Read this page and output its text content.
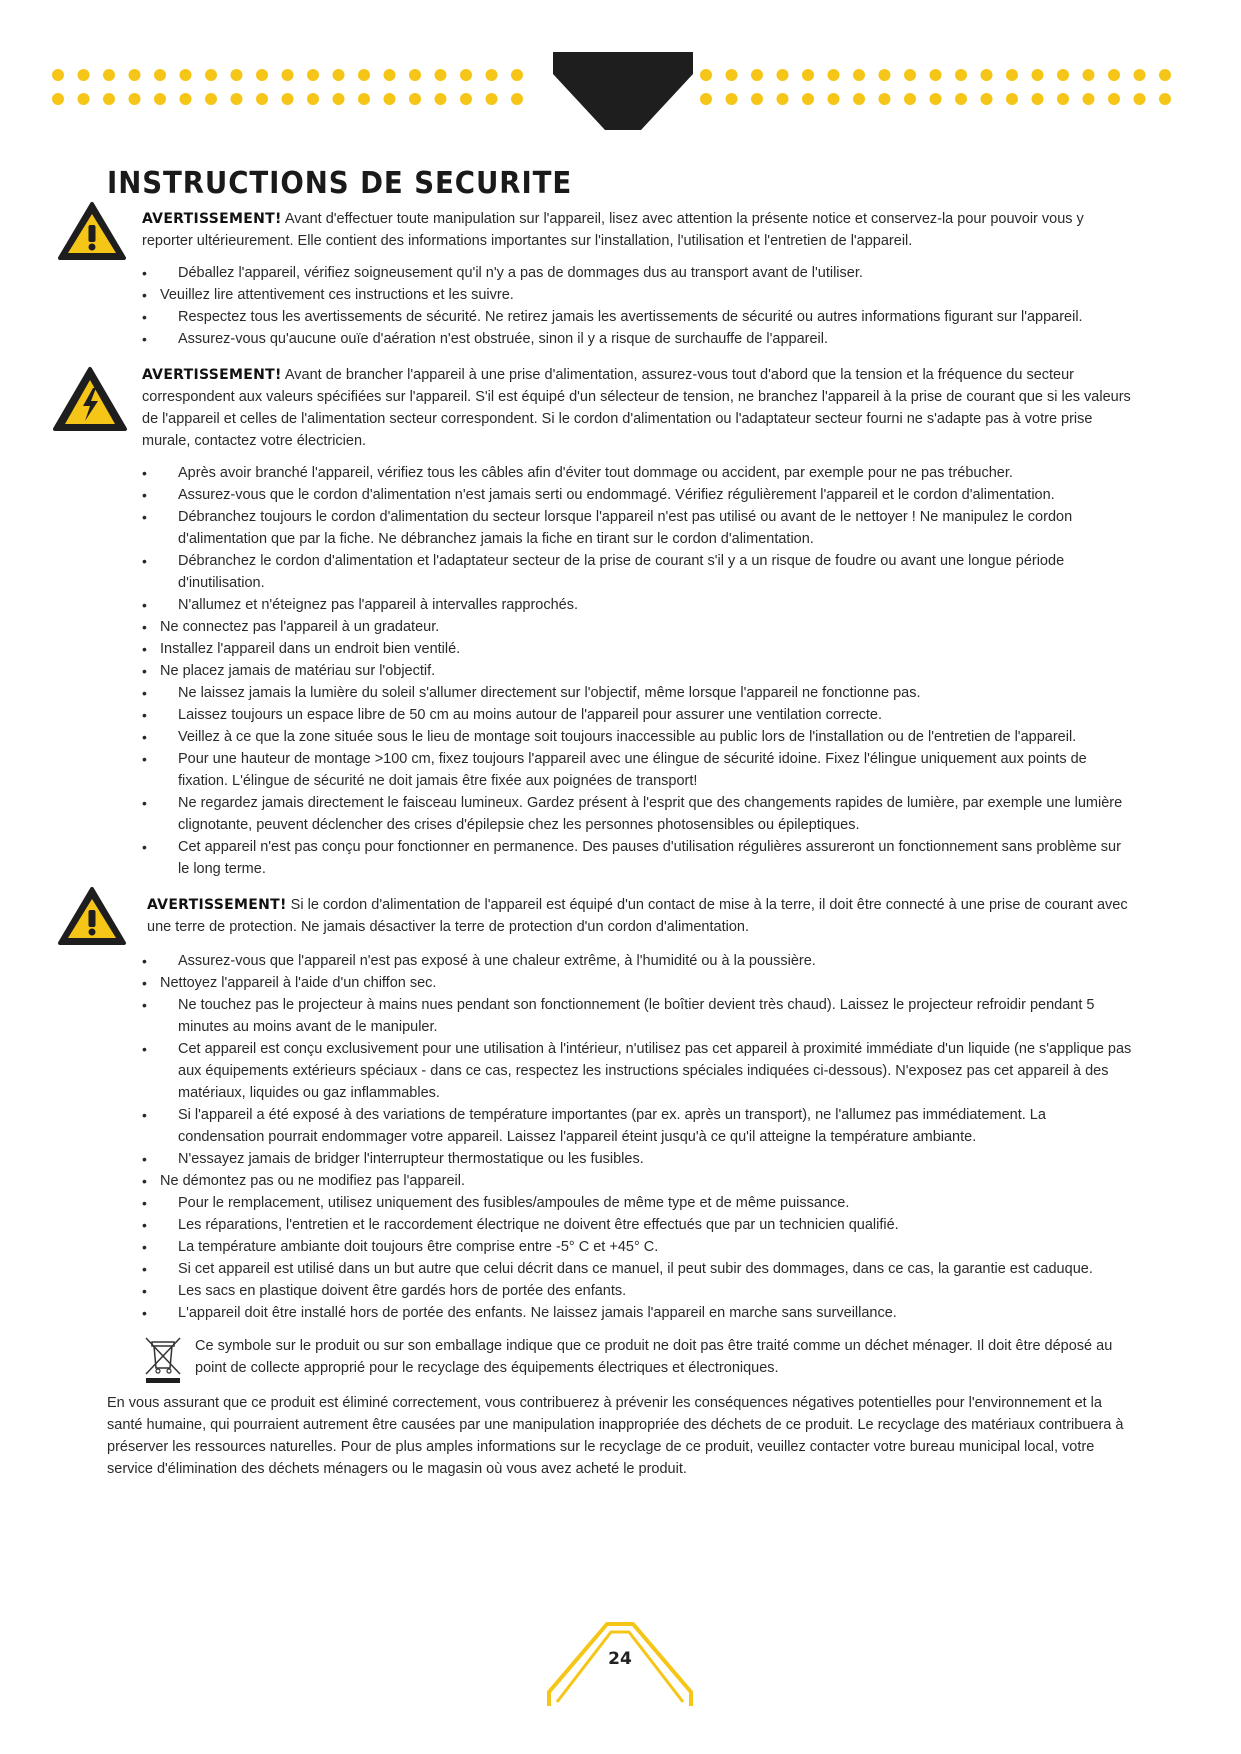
INSTRUCTIONS DE SECURITE
AVERTISSEMENT! Avant d'effectuer toute manipulation sur l'appareil, lisez avec attention la présente notice et conservez-la pour pouvoir vous y reporter ultérieurement. Elle contient des informations importantes sur l'installation, l'utilisation et l'entretien de l'appareil.
• Déballez l'appareil, vérifiez soigneusement qu'il n'y a pas de dommages dus au transport avant de l'utiliser.
• Veuillez lire attentivement ces instructions et les suivre.
• Respectez tous les avertissements de sécurité. Ne retirez jamais les avertissements de sécurité ou autres informations figurant sur l'appareil.
• Assurez-vous qu'aucune ouïe d'aération n'est obstruée, sinon il y a risque de surchauffe de l'appareil.
AVERTISSEMENT! Avant de brancher l'appareil à une prise d'alimentation, assurez-vous tout d'abord que la tension et la fréquence du secteur correspondent aux valeurs spécifiées sur l'appareil. S'il est équipé d'un sélecteur de tension, ne branchez l'appareil à la prise de courant que si les valeurs de l'appareil et celles de l'alimentation secteur correspondent. Si le cordon d'alimentation ou l'adaptateur secteur fourni ne s'adapte pas à votre prise murale, contactez votre électricien.
• Après avoir branché l'appareil, vérifiez tous les câbles afin d'éviter tout dommage ou accident, par exemple pour ne pas trébucher.
• Assurez-vous que le cordon d'alimentation n'est jamais serti ou endommagé. Vérifiez régulièrement l'appareil et le cordon d'alimentation.
• Débranchez toujours le cordon d'alimentation du secteur lorsque l'appareil n'est pas utilisé ou avant de le nettoyer ! Ne manipulez le cordon d'alimentation que par la fiche. Ne débranchez jamais la fiche en tirant sur le cordon d'alimentation.
• Débranchez le cordon d'alimentation et l'adaptateur secteur de la prise de courant s'il y a un risque de foudre ou avant une longue période d'inutilisation.
• N'allumez et n'éteignez pas l'appareil à intervalles rapprochés.
• Ne connectez pas l'appareil à un gradateur.
• Installez l'appareil dans un endroit bien ventilé.
• Ne placez jamais de matériau sur l'objectif.
• Ne laissez jamais la lumière du soleil s'allumer directement sur l'objectif, même lorsque l'appareil ne fonctionne pas.
• Laissez toujours un espace libre de 50 cm au moins autour de l'appareil pour assurer une ventilation correcte.
• Veillez à ce que la zone située sous le lieu de montage soit toujours inaccessible au public lors de l'installation ou de l'entretien de l'appareil.
• Pour une hauteur de montage >100 cm, fixez toujours l'appareil avec une élingue de sécurité idoine. Fixez l'élingue uniquement aux points de fixation. L'élingue de sécurité ne doit jamais être fixée aux poignées de transport!
• Ne regardez jamais directement le faisceau lumineux. Gardez présent à l'esprit que des changements rapides de lumière, par exemple une lumière clignotante, peuvent déclencher des crises d'épilepsie chez les personnes photosensibles ou épileptiques.
• Cet appareil n'est pas conçu pour fonctionner en permanence. Des pauses d'utilisation régulières assureront un fonctionnement sans problème sur le long terme.
AVERTISSEMENT! Si le cordon d'alimentation de l'appareil est équipé d'un contact de mise à la terre, il doit être connecté à une prise de courant avec une terre de protection. Ne jamais désactiver la terre de protection d'un cordon d'alimentation.
• Assurez-vous que l'appareil n'est pas exposé à une chaleur extrême, à l'humidité ou à la poussière.
• Nettoyez l'appareil à l'aide d'un chiffon sec.
• Ne touchez pas le projecteur à mains nues pendant son fonctionnement (le boîtier devient très chaud). Laissez le projecteur refroidir pendant 5 minutes au moins avant de le manipuler.
• Cet appareil est conçu exclusivement pour une utilisation à l'intérieur, n'utilisez pas cet appareil à proximité immédiate d'un liquide (ne s'applique pas aux équipements extérieurs spéciaux - dans ce cas, respectez les instructions spéciales indiquées ci-dessous). N'exposez pas cet appareil à des matériaux, liquides ou gaz inflammables.
• Si l'appareil a été exposé à des variations de température importantes (par ex. après un transport), ne l'allumez pas immédiatement. La condensation pourrait endommager votre appareil. Laissez l'appareil éteint jusqu'à ce qu'il atteigne la température ambiante.
• N'essayez jamais de bridger l'interrupteur thermostatique ou les fusibles.
• Ne démontez pas ou ne modifiez pas l'appareil.
• Pour le remplacement, utilisez uniquement des fusibles/ampoules de même type et de même puissance.
• Les réparations, l'entretien et le raccordement électrique ne doivent être effectués que par un technicien qualifié.
• La température ambiante doit toujours être comprise entre -5° C et +45° C.
• Si cet appareil est utilisé dans un but autre que celui décrit dans ce manuel, il peut subir des dommages, dans ce cas, la garantie est caduque.
• Les sacs en plastique doivent être gardés hors de portée des enfants.
• L'appareil doit être installé hors de portée des enfants. Ne laissez jamais l'appareil en marche sans surveillance.
Ce symbole sur le produit ou sur son emballage indique que ce produit ne doit pas être traité comme un déchet ménager. Il doit être déposé au point de collecte approprié pour le recyclage des équipements électriques et électroniques.
En vous assurant que ce produit est éliminé correctement, vous contribuerez à prévenir les conséquences négatives potentielles pour l'environnement et la santé humaine, qui pourraient autrement être causées par une manipulation inappropriée des déchets de ce produit. Le recyclage des matériaux contribuera à préserver les ressources naturelles. Pour de plus amples informations sur le recyclage de ce produit, veuillez contacter votre bureau municipal local, votre service d'élimination des déchets ménagers ou le magasin où vous avez acheté le produit.
24
